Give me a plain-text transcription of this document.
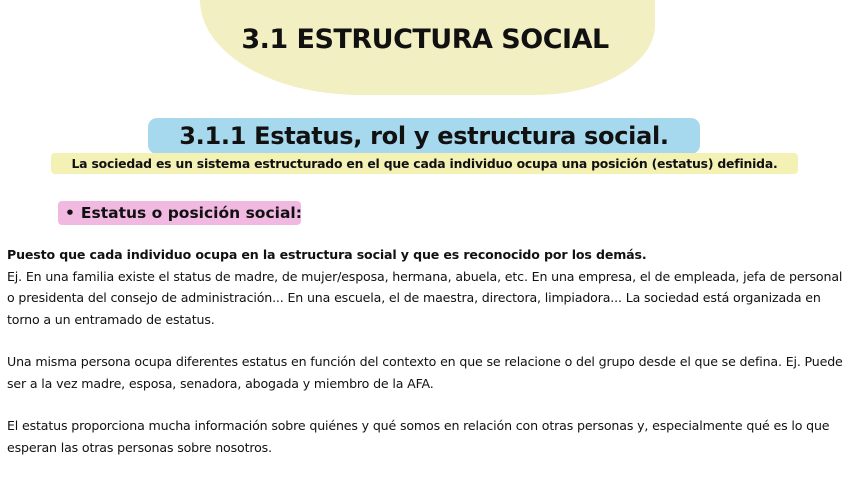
3.1 ESTRUCTURA SOCIAL
3.1.1 Estatus, rol y estructura social.
La sociedad es un sistema estructurado en el que cada individuo ocupa una posición (estatus) definida.
• Estatus o posición social:

Puesto que cada individuo ocupa en la estructura social y que es reconocido por los demás.
Ej. En una familia existe el status de madre, de mujer/esposa, hermana, abuela, etc. En una empresa, el de empleada, jefa de personal o presidenta del consejo de administración... En una escuela, el de maestra, directora, limpiadora... La sociedad está organizada en torno a un entramado de estatus.

Una misma persona ocupa diferentes estatus en función del contexto en que se relacione o del grupo desde el que se defina. Ej. Puede ser a la vez madre, esposa, senadora, abogada y miembro de la AFA.

El estatus proporciona mucha información sobre quiénes y qué somos en relación con otras personas y, especialmente qué es lo que esperan las otras personas sobre nosotros.
